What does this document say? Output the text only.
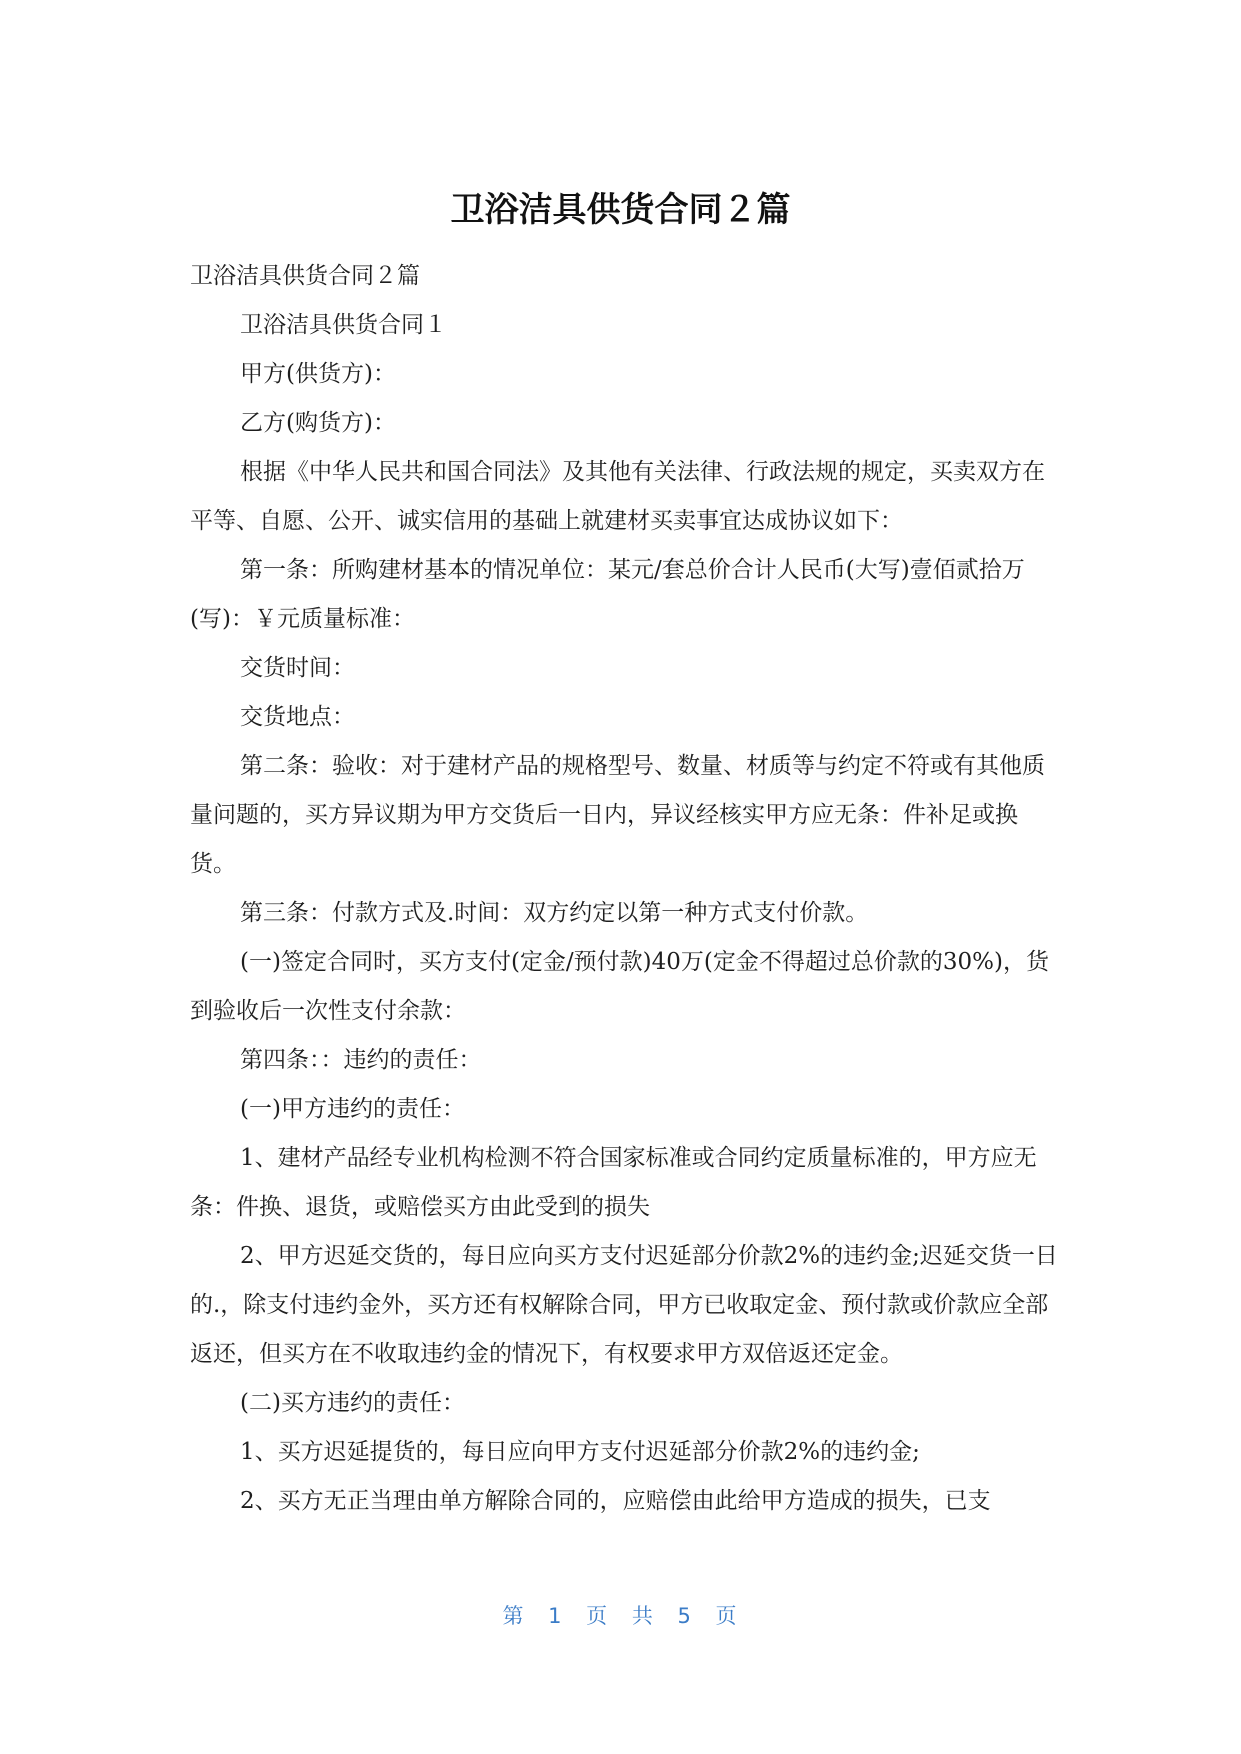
卫浴洁具供货合同２篇

卫浴洁具供货合同２篇

卫浴洁具供货合同１

甲方(供货方)：

乙方(购货方)：

根据《中华人民共和国合同法》及其他有关法律、行政法规的规定，买卖双方在平等、自愿、公开、诚实信用的基础上就建材买卖事宜达成协议如下：

第一条：所购建材基本的情况单位：某元/套总价合计人民币(大写)壹佰贰拾万(写)：￥元质量标准：

交货时间：

交货地点：

第二条：验收：对于建材产品的规格型号、数量、材质等与约定不符或有其他质量问题的，买方异议期为甲方交货后一日内，异议经核实甲方应无条：件补足或换货。

第三条：付款方式及.时间：双方约定以第一种方式支付价款。

(一)签定合同时，买方支付(定金/预付款)40万(定金不得超过总价款的30%)，货到验收后一次性支付余款：

第四条：：违约的责任：

(一)甲方违约的责任：

1、建材产品经专业机构检测不符合国家标准或合同约定质量标准的，甲方应无条：件换、退货，或赔偿买方由此受到的损失

2、甲方迟延交货的，每日应向买方支付迟延部分价款2%的违约金;迟延交货一日的.，除支付违约金外，买方还有权解除合同，甲方已收取定金、预付款或价款应全部返还，但买方在不收取违约金的情况下，有权要求甲方双倍返还定金。

(二)买方违约的责任：

1、买方迟延提货的，每日应向甲方支付迟延部分价款2%的违约金;

2、买方无正当理由单方解除合同的，应赔偿由此给甲方造成的损失，已支

第 1 页 共 5 页
